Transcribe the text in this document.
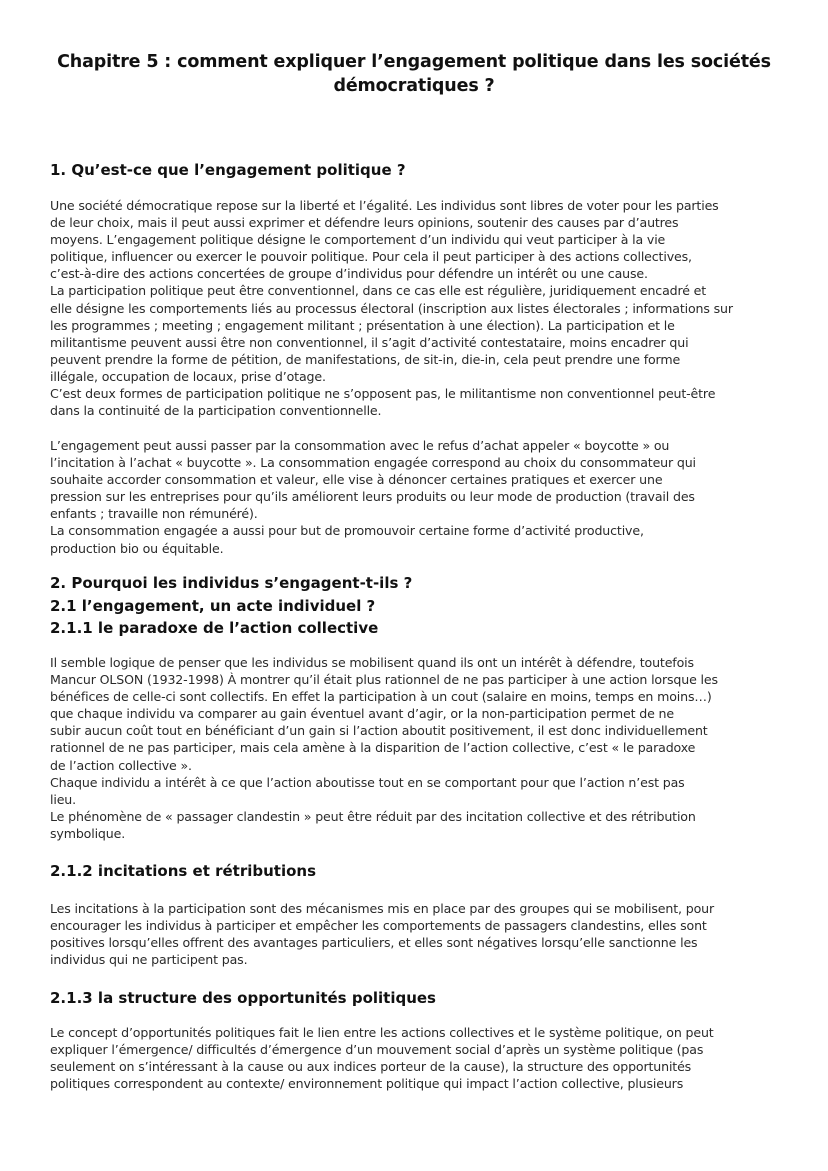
Chapitre 5 : comment expliquer l’engagement politique dans les sociétés
démocratiques ?
1. Qu’est-ce que l’engagement politique ?
Une société démocratique repose sur la liberté et l’égalité. Les individus sont libres de voter pour les parties
de leur choix, mais il peut aussi exprimer et défendre leurs opinions, soutenir des causes par d’autres
moyens. L’engagement politique désigne le comportement d’un individu qui veut participer à la vie
politique, influencer ou exercer le pouvoir politique. Pour cela il peut participer à des actions collectives,
c’est-à-dire des actions concertées de groupe d’individus pour défendre un intérêt ou une cause.
La participation politique peut être conventionnel, dans ce cas elle est régulière, juridiquement encadré et
elle désigne les comportements liés au processus électoral (inscription aux listes électorales ; informations sur
les programmes ; meeting ; engagement militant ; présentation à une élection). La participation et le
militantisme peuvent aussi être non conventionnel, il s’agit d’activité contestataire, moins encadrer qui
peuvent prendre la forme de pétition, de manifestations, de sit-in, die-in, cela peut prendre une forme
illégale, occupation de locaux, prise d’otage.
C’est deux formes de participation politique ne s’opposent pas, le militantisme non conventionnel peut-être
dans la continuité de la participation conventionnelle.
L’engagement peut aussi passer par la consommation avec le refus d’achat appeler « boycotte » ou
l’incitation à l’achat « buycotte ». La consommation engagée correspond au choix du consommateur qui
souhaite accorder consommation et valeur, elle vise à dénoncer certaines pratiques et exercer une
pression sur les entreprises pour qu’ils améliorent leurs produits ou leur mode de production (travail des
enfants ; travaille non rémunéré).
La consommation engagée a aussi pour but de promouvoir certaine forme d’activité productive,
production bio ou équitable.
2. Pourquoi les individus s’engagent-t-ils ?
2.1 l’engagement, un acte individuel ?
2.1.1 le paradoxe de l’action collective
Il semble logique de penser que les individus se mobilisent quand ils ont un intérêt à défendre, toutefois
Mancur OLSON (1932-1998) À montrer qu’il était plus rationnel de ne pas participer à une action lorsque les
bénéfices de celle-ci sont collectifs. En effet la participation à un cout (salaire en moins, temps en moins…)
que chaque individu va comparer au gain éventuel avant d’agir, or la non-participation permet de ne
subir aucun coût tout en bénéficiant d’un gain si l’action aboutit positivement, il est donc individuellement
rationnel de ne pas participer, mais cela amène à la disparition de l’action collective, c’est « le paradoxe
de l’action collective ».
Chaque individu a intérêt à ce que l’action aboutisse tout en se comportant pour que l’action n’est pas
lieu.
Le phénomène de « passager clandestin » peut être réduit par des incitation collective et des rétribution
symbolique.
2.1.2 incitations et rétributions
Les incitations à la participation sont des mécanismes mis en place par des groupes qui se mobilisent, pour
encourager les individus à participer et empêcher les comportements de passagers clandestins, elles sont
positives lorsqu’elles offrent des avantages particuliers, et elles sont négatives lorsqu’elle sanctionne les
individus qui ne participent pas.
2.1.3 la structure des opportunités politiques
Le concept d’opportunités politiques fait le lien entre les actions collectives et le système politique, on peut
expliquer l’émergence/ difficultés d’émergence d’un mouvement social d’après un système politique (pas
seulement on s’intéressant à la cause ou aux indices porteur de la cause), la structure des opportunités
politiques correspondent au contexte/ environnement politique qui impact l’action collective, plusieurs
